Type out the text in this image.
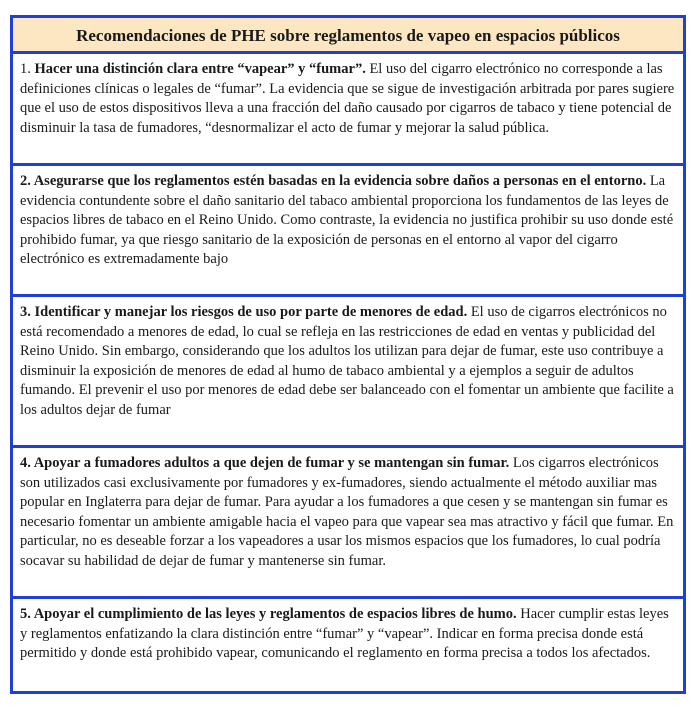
Recomendaciones de PHE sobre reglamentos de vapeo en espacios públicos
1. Hacer una distinción clara entre “vapear” y “fumar”. El uso del cigarro electrónico no corresponde a las definiciones clínicas o legales de “fumar”. La evidencia que se sigue de investigación arbitrada por pares sugiere que el uso de estos dispositivos lleva a una fracción del daño causado por cigarros de tabaco y tiene potencial de disminuir la tasa de fumadores, “desnormalizar el acto de fumar y mejorar la salud pública.
2. Asegurarse que los reglamentos estén basadas en la evidencia sobre daños a personas en el entorno. La evidencia contundente sobre el daño sanitario del tabaco ambiental proporciona los fundamentos de las leyes de espacios libres de tabaco en el Reino Unido. Como contraste, la evidencia no justifica prohibir su uso donde esté prohibido fumar, ya que riesgo sanitario de la exposición de personas en el entorno al vapor del cigarro electrónico es extremadamente bajo
3. Identificar y manejar los riesgos de uso por parte de menores de edad. El uso de cigarros electrónicos no está recomendado a menores de edad, lo cual se refleja en las restricciones de edad en ventas y publicidad del Reino Unido. Sin embargo, considerando que los adultos los utilizan para dejar de fumar, este uso contribuye a disminuir la exposición de menores de edad al humo de tabaco ambiental y a ejemplos a seguir de adultos fumando. El prevenir el uso por menores de edad debe ser balanceado con el fomentar un ambiente que facilite a los adultos dejar de fumar
4. Apoyar a fumadores adultos a que dejen de fumar y se mantengan sin fumar. Los cigarros electrónicos son utilizados casi exclusivamente por fumadores y ex-fumadores, siendo actualmente el método auxiliar mas popular en Inglaterra para dejar de fumar. Para ayudar a los fumadores a que cesen y se mantengan sin fumar es necesario fomentar un ambiente amigable hacia el vapeo para que vapear sea mas atractivo y fácil que fumar. En particular, no es deseable forzar a los vapeadores a usar los mismos espacios que los fumadores, lo cual podría socavar su habilidad de dejar de fumar y mantenerse sin fumar.
5. Apoyar el cumplimiento de las leyes y reglamentos de espacios libres de humo. Hacer cumplir estas leyes y reglamentos enfatizando la clara distinción entre “fumar” y “vapear”. Indicar en forma precisa donde está permitido y donde está prohibido vapear, comunicando el reglamento en forma precisa a todos los afectados.
